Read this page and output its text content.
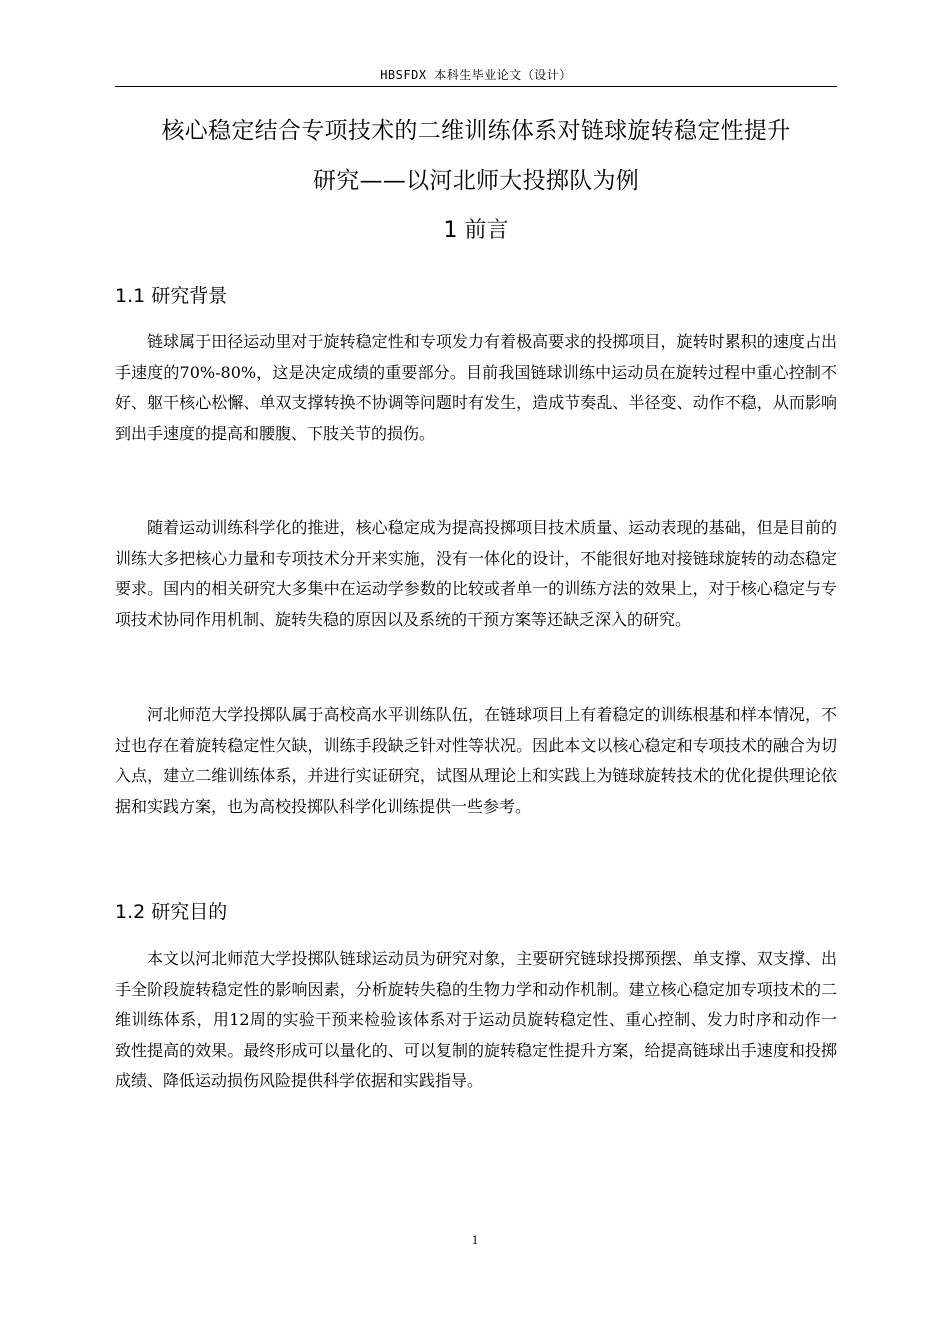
HBSFDX 本科生毕业论文（设计）
核心稳定结合专项技术的二维训练体系对链球旋转稳定性提升
研究——以河北师大投掷队为例
1 前言
1.1 研究背景

链球属于田径运动里对于旋转稳定性和专项发力有着极高要求的投掷项目，旋转时累积的速度占出手速度的70%-80%，这是决定成绩的重要部分。目前我国链球训练中运动员在旋转过程中重心控制不好、躯干核心松懈、单双支撑转换不协调等问题时有发生，造成节奏乱、半径变、动作不稳，从而影响到出手速度的提高和腰腹、下肢关节的损伤。

随着运动训练科学化的推进，核心稳定成为提高投掷项目技术质量、运动表现的基础，但是目前的训练大多把核心力量和专项技术分开来实施，没有一体化的设计，不能很好地对接链球旋转的动态稳定要求。国内的相关研究大多集中在运动学参数的比较或者单一的训练方法的效果上，对于核心稳定与专项技术协同作用机制、旋转失稳的原因以及系统的干预方案等还缺乏深入的研究。

河北师范大学投掷队属于高校高水平训练队伍，在链球项目上有着稳定的训练根基和样本情况，不过也存在着旋转稳定性欠缺，训练手段缺乏针对性等状况。因此本文以核心稳定和专项技术的融合为切入点，建立二维训练体系，并进行实证研究，试图从理论上和实践上为链球旋转技术的优化提供理论依据和实践方案，也为高校投掷队科学化训练提供一些参考。

1.2 研究目的

本文以河北师范大学投掷队链球运动员为研究对象，主要研究链球投掷预摆、单支撑、双支撑、出手全阶段旋转稳定性的影响因素，分析旋转失稳的生物力学和动作机制。建立核心稳定加专项技术的二维训练体系，用12周的实验干预来检验该体系对于运动员旋转稳定性、重心控制、发力时序和动作一致性提高的效果。最终形成可以量化的、可以复制的旋转稳定性提升方案，给提高链球出手速度和投掷成绩、降低运动损伤风险提供科学依据和实践指导。

1
